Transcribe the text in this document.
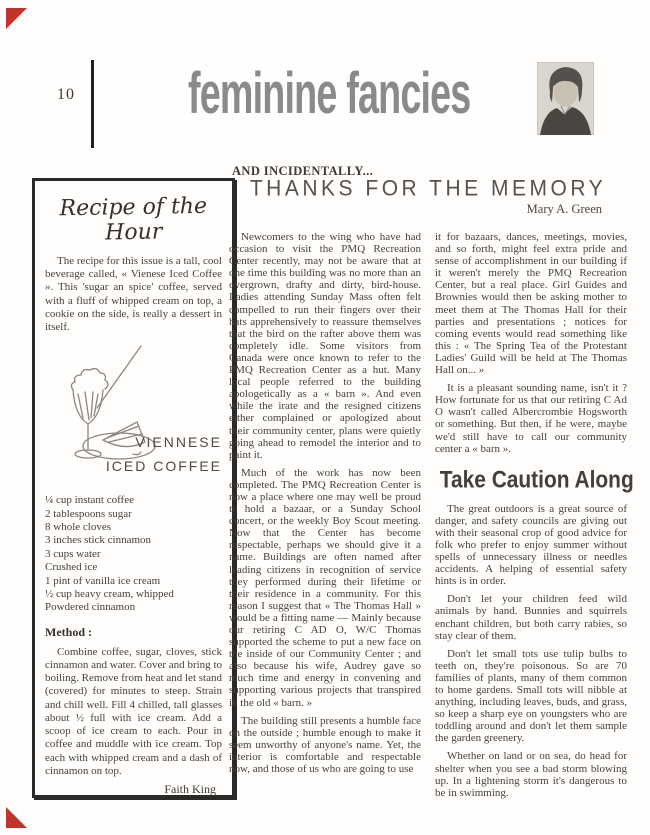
10 feminine fancies
AND INCIDENTALLY...
THANKS FOR THE MEMORY
Mary A. Green
Recipe of the Hour

The recipe for this issue is a tall, cool beverage called, « Vienese Iced Coffee ». This 'sugar an spice' coffee, served with a fluff of whipped cream on top, a cookie on the side, is really a dessert in itself.

VIENNESE
ICED COFFEE
¼ cup instant coffee
2 tablespoons sugar
8 whole cloves
3 inches stick cinnamon
3 cups water
Crushed ice
1 pint of vanilla ice cream
½ cup heavy cream, whipped
Powdered cinnamon
Method :

Combine coffee, sugar, cloves, stick cinnamon and water. Cover and bring to boiling. Remove from heat and let stand (covered) for minutes to steep. Strain and chill well. Fill 4 chilled, tall glasses about ½ full with ice cream. Add a scoop of ice cream to each. Pour in coffee and muddle with ice cream. Top each with whipped cream and a dash of cinnamon on top.

Faith King

Newcomers to the wing who have had occasion to visit the PMQ Recreation Center recently, may not be aware that at one time this building was no more than an overgrown, drafty and dirty, bird-house. Ladies attending Sunday Mass often felt compelled to run their fingers over their hats apprehensively to reassure themselves that the bird on the rafter above them was completely idle. Some visitors from Canada were once known to refer to the PMQ Recreation Center as a hut. Many local people referred to the building apologetically as a « barn ». And even while the irate and the resigned citizens either complained or apologized about their community center, plans were quietly going ahead to remodel the interior and to paint it.

Much of the work has now been completed. The PMQ Recreation Center is now a place where one may well be proud to hold a bazaar, or a Sunday School concert, or the weekly Boy Scout meeting. Now that the Center has become respectable, perhaps we should give it a name. Buildings are often named after leading citizens in recognition of service they performed during their lifetime or their residence in a community. For this reason I suggest that « The Thomas Hall » would be a fitting name — Mainly because our retiring C AD O, W/C Thomas supported the scheme to put a new face on the inside of our Community Center ; and also because his wife, Audrey gave so much time and energy in convening and supporting various projects that transpired in the old « barn. »

The building still presents a humble face on the outside ; humble enough to make it seem unworthy of anyone's name. Yet, the interior is comfortable and respectable now, and those of us who are going to use

it for bazaars, dances, meetings, movies, and so forth, might feel extra pride and sense of accomplishment in our building if it weren't merely the PMQ Recreation Center, but a real place. Girl Guides and Brownies would then be asking mother to meet them at The Thomas Hall for their parties and presentations ; notices for coming events would read something like this : « The Spring Tea of the Protestant Ladies' Guild will be held at The Thomas Hall on... »

It is a pleasant sounding name, isn't it ? How fortunate for us that our retiring C Ad O wasn't called Albercrombie Hogsworth or something. But then, if he were, maybe we'd still have to call our community center a « barn ».

Take Caution Along

The great outdoors is a great source of danger, and safety councils are giving out with their seasonal crop of good advice for folk who prefer to enjoy summer without spells of unnecessary illness or needles accidents. A helping of essential safety hints is in order.

Don't let your children feed wild animals by hand. Bunnies and squirrels enchant children, but both carry rabies, so stay clear of them.

Don't let small tots use tulip bulbs to teeth on, they're poisonous. So are 70 families of plants, many of them common to home gardens. Small tots will nibble at anything, including leaves, buds, and grass, so keep a sharp eye on youngsters who are toddling around and don't let them sample the garden greenery.

Whether on land or on sea, do head for shelter when you see a bad storm blowing up. In a lightening storm it's dangerous to be in swimming.
